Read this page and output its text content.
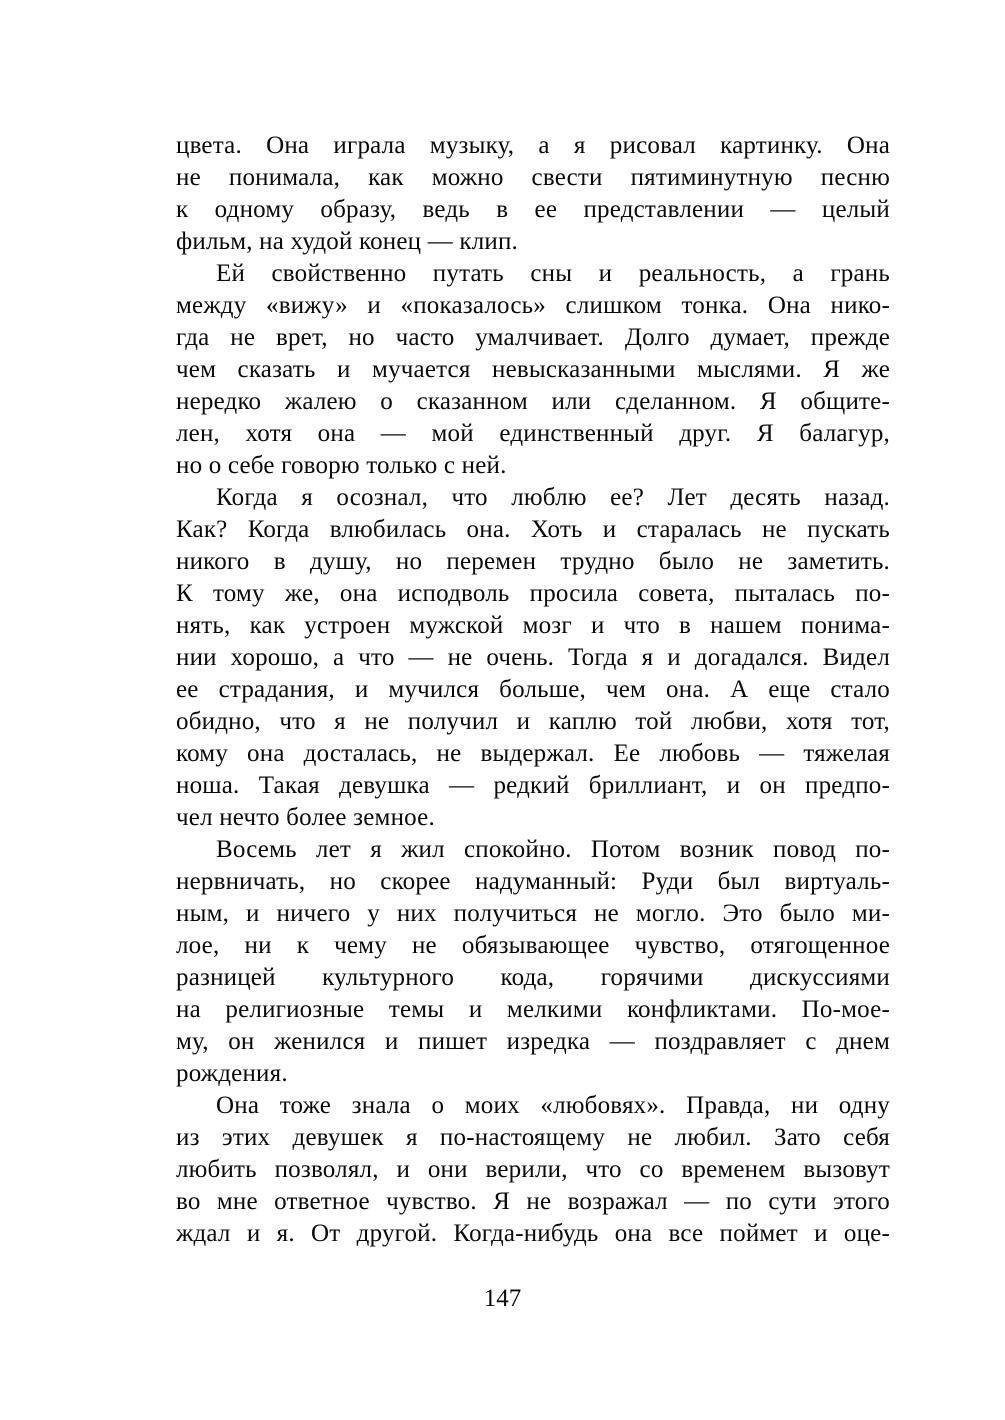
цвета. Она играла музыку, а я рисовал картинку. Она
не понимала, как можно свести пятиминутную песню
к одному образу, ведь в ее представлении — целый
фильм, на худой конец — клип.
Ей свойственно путать сны и реальность, а грань
между «вижу» и «показалось» слишком тонка. Она нико-
гда не врет, но часто умалчивает. Долго думает, прежде
чем сказать и мучается невысказанными мыслями. Я же
нередко жалею о сказанном или сделанном. Я общите-
лен, хотя она — мой единственный друг. Я балагур,
но о себе говорю только с ней.
Когда я осознал, что люблю ее? Лет десять назад.
Как? Когда влюбилась она. Хоть и старалась не пускать
никого в душу, но перемен трудно было не заметить.
К тому же, она исподволь просила совета, пыталась по-
нять, как устроен мужской мозг и что в нашем понима-
нии хорошо, а что — не очень. Тогда я и догадался. Видел
ее страдания, и мучился больше, чем она. А еще стало
обидно, что я не получил и каплю той любви, хотя тот,
кому она досталась, не выдержал. Ее любовь — тяжелая
ноша. Такая девушка — редкий бриллиант, и он предпо-
чел нечто более земное.
Восемь лет я жил спокойно. Потом возник повод по-
нервничать, но скорее надуманный: Руди был виртуаль-
ным, и ничего у них получиться не могло. Это было ми-
лое, ни к чему не обязывающее чувство, отягощенное
разницей культурного кода, горячими дискуссиями
на религиозные темы и мелкими конфликтами. По-мое-
му, он женился и пишет изредка — поздравляет с днем
рождения.
Она тоже знала о моих «любовях». Правда, ни одну
из этих девушек я по-настоящему не любил. Зато себя
любить позволял, и они верили, что со временем вызовут
во мне ответное чувство. Я не возражал — по сути этого
ждал и я. От другой. Когда-нибудь она все поймет и оце-
147
